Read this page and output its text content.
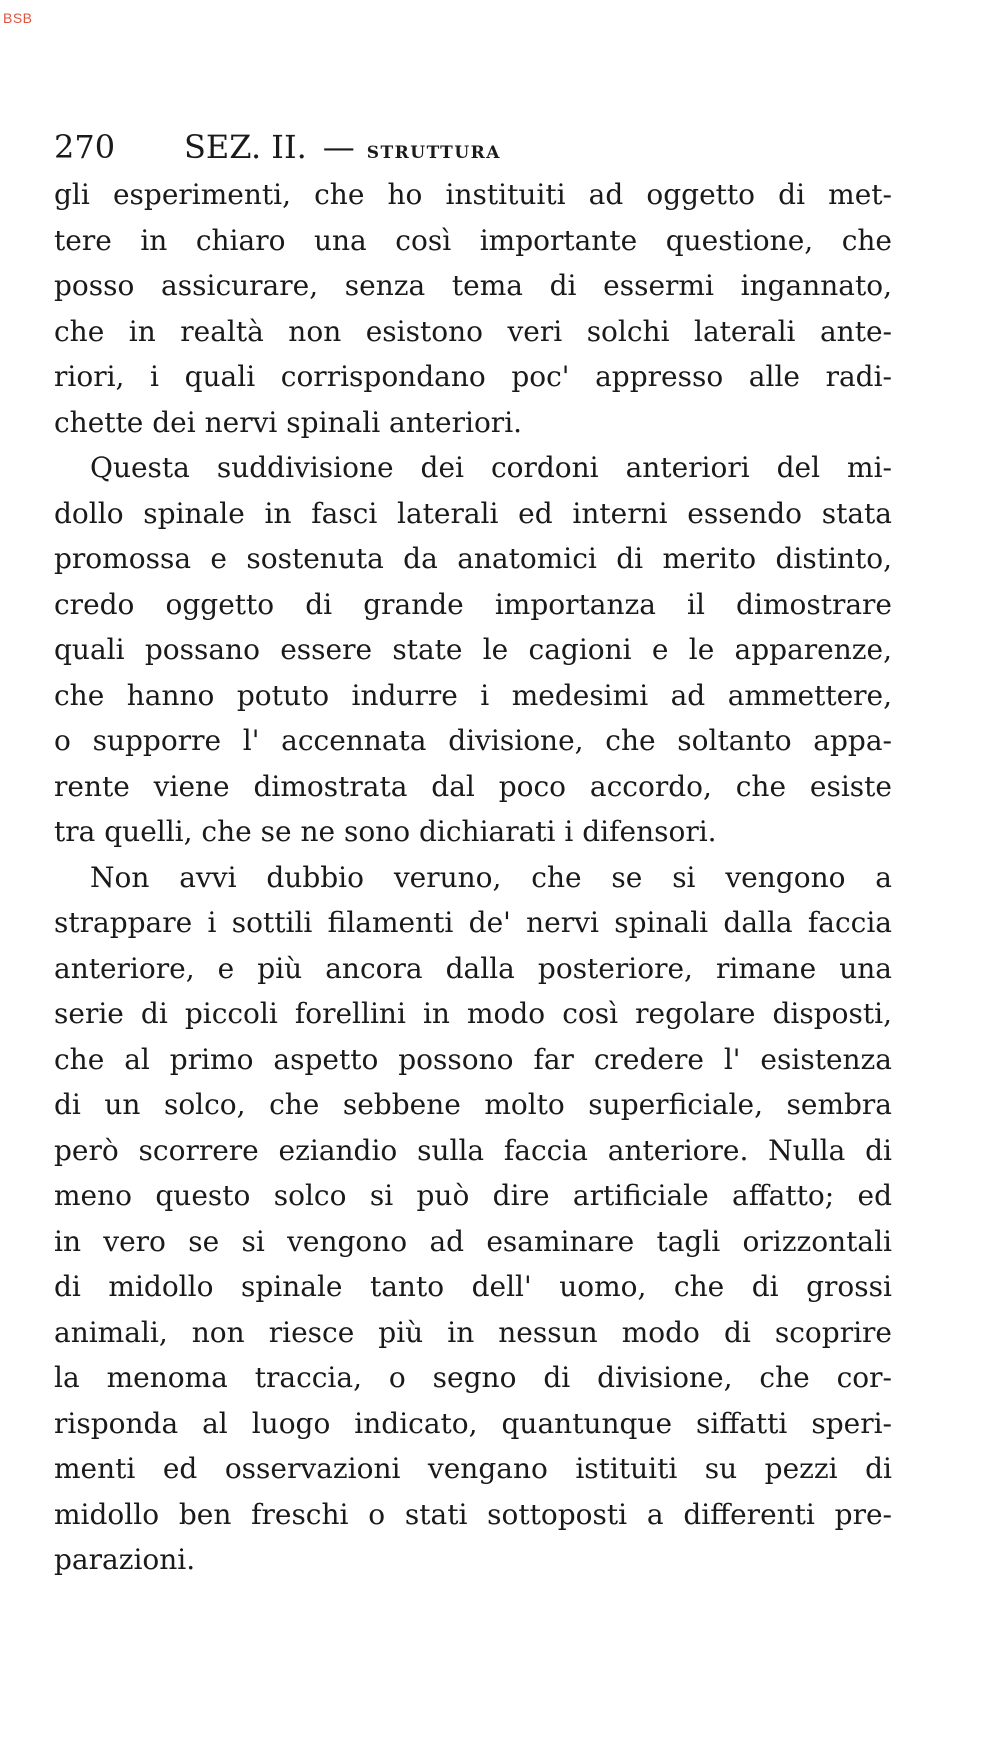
BSB
270	SEZ. II. — STRUTTURA
gli esperimenti, che ho instituiti ad oggetto di met-
tere in chiaro una così importante questione, che
posso assicurare, senza tema di essermi ingannato,
che in realtà non esistono veri solchi laterali ante-
riori, i quali corrispondano poc' appresso alle radi-
chette dei nervi spinali anteriori.
Questa suddivisione dei cordoni anteriori del mi-
dollo spinale in fasci laterali ed interni essendo stata
promossa e sostenuta da anatomici di merito distinto,
credo oggetto di grande importanza il dimostrare
quali possano essere state le cagioni e le apparenze,
che hanno potuto indurre i medesimi ad ammettere,
o supporre l' accennata divisione, che soltanto appa-
rente viene dimostrata dal poco accordo, che esiste
tra quelli, che se ne sono dichiarati i difensori.
Non avvi dubbio veruno, che se si vengono a
strappare i sottili filamenti de' nervi spinali dalla faccia
anteriore, e più ancora dalla posteriore, rimane una
serie di piccoli forellini in modo così regolare disposti,
che al primo aspetto possono far credere l' esistenza
di un solco, che sebbene molto superficiale, sembra
però scorrere eziandio sulla faccia anteriore. Nulla di
meno questo solco si può dire artificiale affatto; ed
in vero se si vengono ad esaminare tagli orizzontali
di midollo spinale tanto dell' uomo, che di grossi
animali, non riesce più in nessun modo di scoprire
la menoma traccia, o segno di divisione, che cor-
risponda al luogo indicato, quantunque siffatti speri-
menti ed osservazioni vengano istituiti su pezzi di
midollo ben freschi o stati sottoposti a differenti pre-
parazioni.
